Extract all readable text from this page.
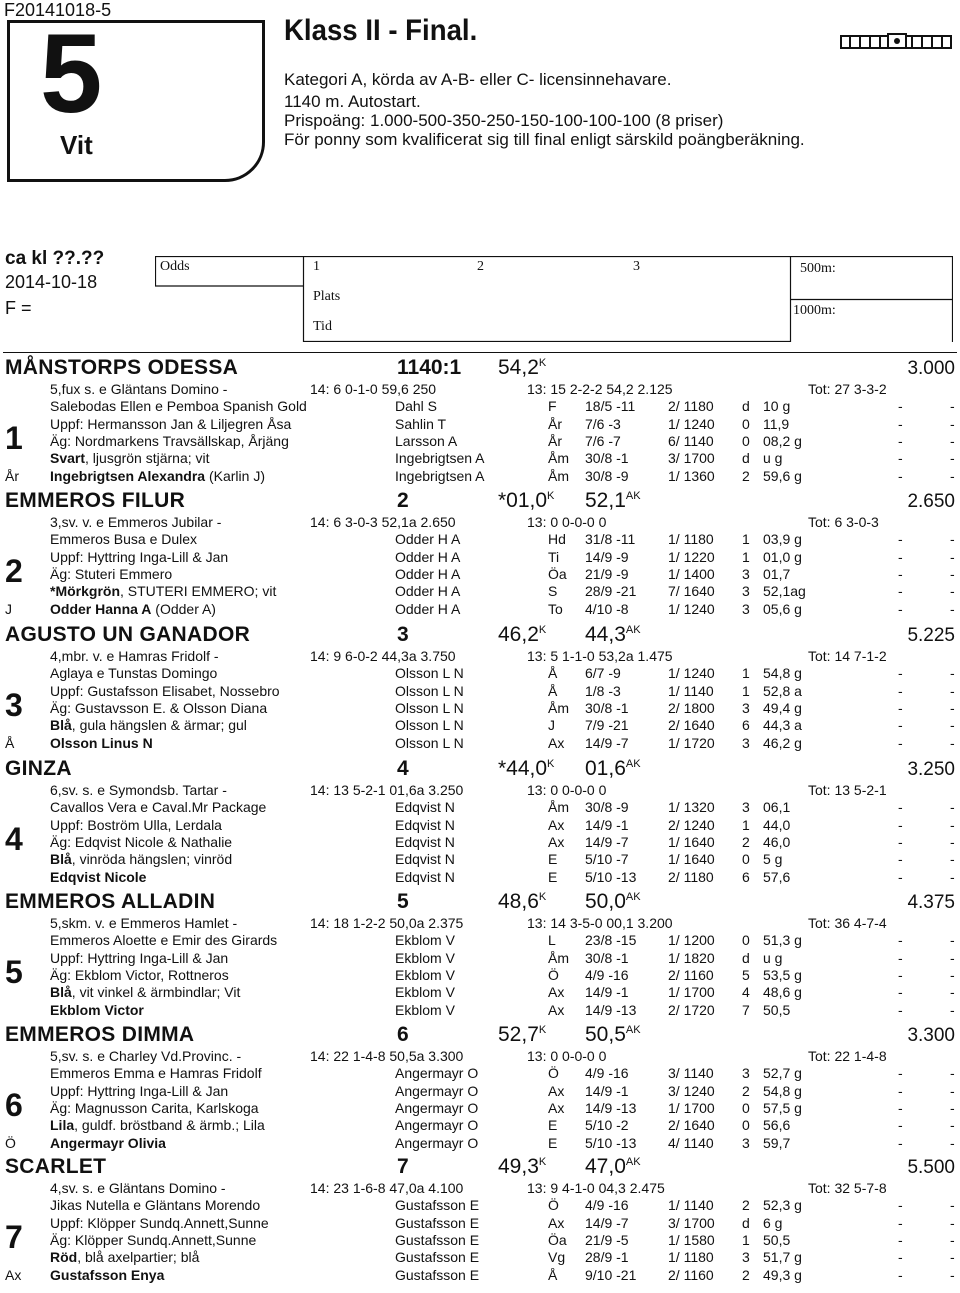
F20141018-5
5
Vit
Klass II - Final.
Kategori A, körda av A-B- eller C- licensinnehavare.
1140 m. Autostart.
Prispoäng: 1.000-500-350-250-150-100-100-100 (8 priser)
För ponny som kvalificerat sig till final enligt särskild poängberäkning.
ca kl ??.??
2014-10-18
F =
Odds	1	2	3
Plats
Tid
500m:
1000m:
MÅNSTORPS ODESSA	1140:1 $54,2^K$	3.000
5,fux s. e Gläntans Domino -	14: 6 0-1-0 59,6 250	13: 15 2-2-2 54,2 2.125	Tot: 27 3-3-2
Salebodas Ellen e Pemboa Spanish Gold	Dahl S	F 18/5 -11 2/ 1180 d 10 g	-	-
Uppf: Hermansson Jan & Liljegren Åsa	Sahlin T	År 7/6 -3	1/ 1240 0 11,9	-	-
Äg: Nordmarkens Travsällskap, Årjäng	Larsson A	År 7/6 -7	6/ 1140 0 08,2 g	-	-
Svart, ljusgrön stjärna; vit	Ingebrigtsen A	Åm 30/8 -1	3/ 1700 d u g	-	-
Ingebrigtsen Alexandra (Karlin J)	Ingebrigtsen A	Åm 30/8 -9	1/ 1360 2 59,6 g	-	-
1
År
EMMEROS FILUR	2	$*01,0^K$ $52,1^{AK}$	2.650
3,sv. v. e Emmeros Jubilar -	14: 6 3-0-3 52,1a 2.650	13: 0 0-0-0 0	Tot: 6 3-0-3
Emmeros Busa e Dulex	Odder H A	Hd 31/8 -11 1/ 1180 1 03,9 g	-	-
Uppf: Hyttring Inga-Lill & Jan	Odder H A	Ti 14/9 -9	1/ 1220 1 01,0 g	-	-
Äg: Stuteri Emmero	Odder H A	Öa 21/9 -9	1/ 1400 3 01,7	-	-
*Mörkgrön, STUTERI EMMERO; vit	Odder H A	S 28/9 -21 7/ 1640 3 52,1ag	-	-
Odder Hanna A (Odder A)	Odder H A	To 4/10 -8	1/ 1240 3 05,6 g	-	-
2
J
AGUSTO UN GANADOR	3	$46,2^K$ $44,3^{AK}$	5.225
4,mbr. v. e Hamras Fridolf -	14: 9 6-0-2 44,3a 3.750	13: 5 1-1-0 53,2a 1.475	Tot: 14 7-1-2
Aglaya e Tunstas Domingo	Olsson L N	Å 6/7 -9	1/ 1240 1 54,8 g	-	-
Uppf: Gustafsson Elisabet, Nossebro	Olsson L N	Å 1/8 -3	1/ 1140 1 52,8 a	-	-
Äg: Gustavsson E. & Olsson Diana	Olsson L N	Åm 30/8 -1	2/ 1800 3 49,4 g	-	-
Blå, gula hängslen & ärmar; gul	Olsson L N	J 7/9 -21	2/ 1640 6 44,3 a	-	-
Olsson Linus N	Olsson L N	Ax 14/9 -7	1/ 1720 3 46,2 g	-	-
3
Å
GINZA	4	$*44,0^K$ $01,6^{AK}$	3.250
6,sv. s. e Symondsb. Tartar -	14: 13 5-2-1 01,6a 3.250	13: 0 0-0-0 0	Tot: 13 5-2-1
Cavallos Vera e Caval.Mr Package	Edqvist N	Åm 30/8 -9	1/ 1320 3 06,1	-	-
Uppf: Boström Ulla, Lerdala	Edqvist N	Ax 14/9 -1	2/ 1240 1 44,0	-	-
Äg: Edqvist Nicole & Nathalie	Edqvist N	Ax 14/9 -7	1/ 1640 2 46,0	-	-
Blå, vinröda hängslen; vinröd	Edqvist N	E 5/10 -7	1/ 1640 0 5 g	-	-
Edqvist Nicole	Edqvist N	E 5/10 -13 2/ 1180 6 57,6	-	-
4
EMMEROS ALLADIN	5	$48,6^K$ $50,0^{AK}$	4.375
5,skm. v. e Emmeros Hamlet -	14: 18 1-2-2 50,0a 2.375	13: 14 3-5-0 00,1 3.200	Tot: 36 4-7-4
Emmeros Aloette e Emir des Girards	Ekblom V	L 23/8 -15 1/ 1200 0 51,3 g	-	-
Uppf: Hyttring Inga-Lill & Jan	Ekblom V	Åm 30/8 -1	1/ 1820 d u g	-	-
Äg: Ekblom Victor, Rottneros	Ekblom V	Ö 4/9 -16	2/ 1160 5 53,5 g	-	-
Blå, vit vinkel & ärmbindlar; Vit	Ekblom V	Ax 14/9 -1	1/ 1700 4 48,6 g	-	-
Ekblom Victor	Ekblom V	Ax 14/9 -13 2/ 1720 7 50,5	-	-
5
EMMEROS DIMMA	6	$52,7^K$ $50,5^{AK}$	3.300
5,sv. s. e Charley Vd.Provinc. -	14: 22 1-4-8 50,5a 3.300	13: 0 0-0-0 0	Tot: 22 1-4-8
Emmeros Emma e Hamras Fridolf	Angermayr O	Ö 4/9 -16	3/ 1140 3 52,7 g	-	-
Uppf: Hyttring Inga-Lill & Jan	Angermayr O	Ax 14/9 -1	3/ 1240 2 54,8 g	-	-
Äg: Magnusson Carita, Karlskoga	Angermayr O	Ax 14/9 -13 1/ 1700 0 57,5 g	-	-
Lila, guldf. bröstband & ärmb.; Lila	Angermayr O	E 5/10 -2	2/ 1640 0 56,6	-	-
Angermayr Olivia	Angermayr O	E 5/10 -13 4/ 1140 3 59,7	-	-
6
Ö
SCARLET	7	$49,3^K$ $47,0^{AK}$	5.500
4,sv. s. e Gläntans Domino -	14: 23 1-6-8 47,0a 4.100	13: 9 4-1-0 04,3 2.475	Tot: 32 5-7-8
Jikas Nutella e Gläntans Morendo	Gustafsson E	Ö 4/9 -16	1/ 1140 2 52,3 g	-	-
Uppf: Klöpper Sundq.Annett,Sunne	Gustafsson E	Ax 14/9 -7	3/ 1700 d 6 g	-	-
Äg: Klöpper Sundq.Annett,Sunne	Gustafsson E	Öa 21/9 -5	1/ 1580 1 50,5	-	-
Röd, blå axelpartier; blå	Gustafsson E	Vg 28/9 -1	1/ 1180 3 51,7 g	-	-
Gustafsson Enya	Gustafsson E	Å 9/10 -21 2/ 1160 2 49,3 g	-	-
7
Ax
